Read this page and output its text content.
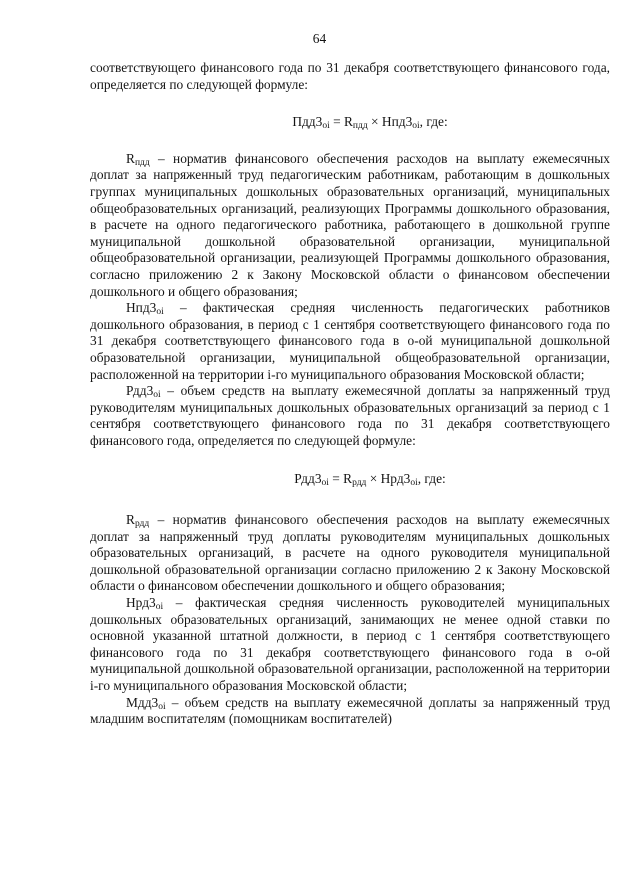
64

соответствующего финансового года по 31 декабря соответствующего финансового года, определяется по следующей формуле:

$Пдд3_{oi} = R_{пдд} \times Нпд3_{oi}$, где:

$R_{пдд}$ – норматив финансового обеспечения расходов на выплату ежемесячных доплат за напряженный труд педагогическим работникам, работающим в дошкольных группах муниципальных дошкольных образовательных организаций, муниципальных общеобразовательных организаций, реализующих Программы дошкольного образования, в расчете на одного педагогического работника, работающего в дошкольной группе муниципальной дошкольной образовательной организации, муниципальной общеобразовательной организации, реализующей Программы дошкольного образования, согласно приложению 2 к Закону Московской области о финансовом обеспечении дошкольного и общего образования;

$Нпд3_{oi}$ – фактическая средняя численность педагогических работников дошкольного образования, в период с 1 сентября соответствующего финансового года по 31 декабря соответствующего финансового года в о-ой муниципальной дошкольной образовательной организации, муниципальной общеобразовательной организации, расположенной на территории i-го муниципального образования Московской области;

$Рдд3_{oi}$ – объем средств на выплату ежемесячной доплаты за напряженный труд руководителям муниципальных дошкольных образовательных организаций за период с 1 сентября соответствующего финансового года по 31 декабря соответствующего финансового года, определяется по следующей формуле:

$Рдд3_{oi} = R_{рдд} \times Нрд3_{oi}$, где:

$R_{рдд}$ – норматив финансового обеспечения расходов на выплату ежемесячных доплат за напряженный труд доплаты руководителям муниципальных дошкольных образовательных организаций, в расчете на одного руководителя муниципальной дошкольной образовательной организации согласно приложению 2 к Закону Московской области о финансовом обеспечении дошкольного и общего образования;

$Нрд3_{oi}$ – фактическая средняя численность руководителей муниципальных дошкольных образовательных организаций, занимающих не менее одной ставки по основной указанной штатной должности, в период с 1 сентября соответствующего финансового года по 31 декабря соответствующего финансового года в о-ой муниципальной дошкольной образовательной организации, расположенной на территории i-го муниципального образования Московской области;

$Мдд3_{oi}$ – объем средств на выплату ежемесячной доплаты за напряженный труд младшим воспитателям (помощникам воспитателей)
